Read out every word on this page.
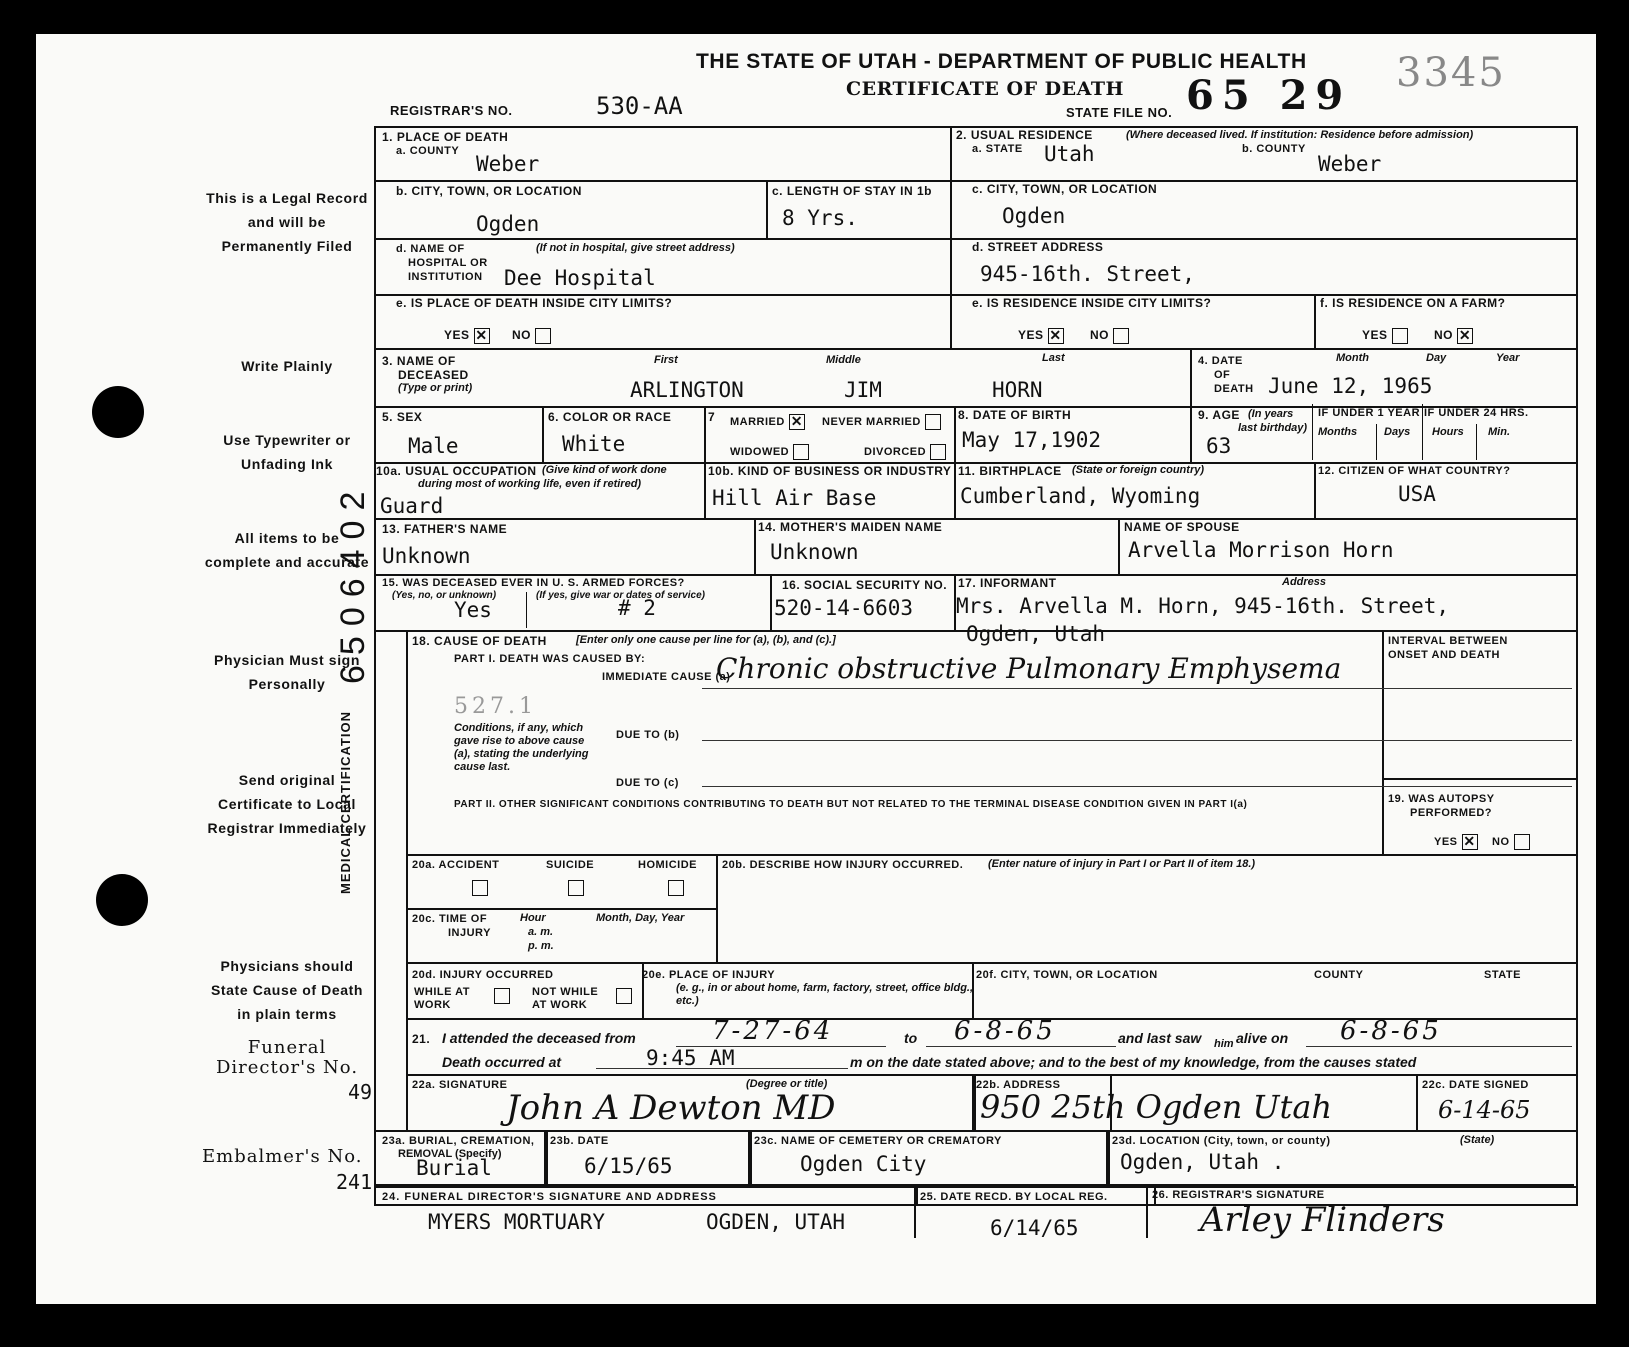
THE STATE OF UTAH - DEPARTMENT OF PUBLIC HEALTH
CERTIFICATE OF DEATH
REGISTRAR'S NO.	530-AA	STATE FILE NO. 65 29 3345
This is a Legal Record and will be Permanently Filed
Write Plainly
Use Typewriter or Unfading Ink
All items to be complete and accurate
Physician Must sign Personally
Send original Certificate to Local Registrar Immediately
Physicians should State Cause of Death in plain terms
Funeral Director's No.
49
Embalmer's No.
241
6506402
1. PLACE OF DEATH
a. COUNTY
Weber
2. USUAL RESIDENCE	(Where deceased lived. If institution: Residence before admission)
a. STATE Utah	b. COUNTY
Weber
b. CITY, TOWN, OR LOCATION
Ogden
c. LENGTH OF STAY IN 1b
8 Yrs.
c. CITY, TOWN, OR LOCATION
Ogden
d. NAME OF
HOSPITAL OR
INSTITUTION
(If not in hospital, give street address)
Dee Hospital
d. STREET ADDRESS
945-16th. Street,
e. IS PLACE OF DEATH INSIDE CITY LIMITS?
YES ✕ NO
e. IS RESIDENCE INSIDE CITY LIMITS?
YES ✕ NO
f. IS RESIDENCE ON A FARM?
YES	NO ✕
3. NAME OF
DECEASED
(Type or print)
First	Middle	Last
ARLINGTON	JIM	HORN
4. DATE
OF
DEATH
Month	Day	Year
June 12, 1965
5. SEX
Male
6. COLOR OR RACE
White
7 MARRIED ✕ NEVER MARRIED
WIDOWED	DIVORCED
8. DATE OF BIRTH
May 17,1902
9. AGE (In years
last birthday)
63
IF UNDER 1 YEAR IF UNDER 24 HRS.
Months Days Hours Min.
10a. USUAL OCCUPATION (Give kind of work done
during most of working life, even if retired)
Guard
10b. KIND OF BUSINESS OR INDUSTRY
Hill Air Base
11. BIRTHPLACE (State or foreign country)
Cumberland, Wyoming
12. CITIZEN OF WHAT COUNTRY?
USA
13. FATHER'S NAME
Unknown
14. MOTHER'S MAIDEN NAME
Unknown
NAME OF SPOUSE
Arvella Morrison Horn
15. WAS DECEASED EVER IN U. S. ARMED FORCES?
(Yes, no, or unknown)	(If yes, give war or dates of service)
Yes	# 2
16. SOCIAL SECURITY NO.
520-14-6603
17. INFORMANT	Address
Mrs. Arvella M. Horn, 945-16th. Street,
Ogden, Utah
MEDICAL CERTIFICATION
18. CAUSE OF DEATH	[Enter only one cause per line for (a), (b), and (c).]
PART I. DEATH WAS CAUSED BY:
IMMEDIATE CAUSE (a)
Chronic obstructive Pulmonary Emphysema
527.1
Conditions, if any, which gave rise to above cause (a), stating the underlying cause last.
DUE TO (b)
DUE TO (c)
PART II. OTHER SIGNIFICANT CONDITIONS CONTRIBUTING TO DEATH BUT NOT RELATED TO THE TERMINAL DISEASE CONDITION GIVEN IN PART I(a)
INTERVAL BETWEEN ONSET AND DEATH
19. WAS AUTOPSY
PERFORMED?
YES ✕ NO
20a. ACCIDENT	SUICIDE	HOMICIDE 20b. DESCRIBE HOW INJURY OCCURRED. (Enter nature of injury in Part I or Part II of item 18.)
20c. TIME OF
INJURY
Hour
a. m.
p. m.
Month, Day, Year
20d. INJURY OCCURRED
WHILE AT WORK
NOT WHILE AT WORK
20e. PLACE OF INJURY
(e. g., in or about home, farm, factory, street, office bldg., etc.)
20f. CITY, TOWN, OR LOCATION	COUNTY	STATE
21. I attended the deceased from	7-27-64	to 6-8-65	and last saw him alive on 6-8-65
Death occurred at	9:45 AM	m on the date stated above; and to the best of my knowledge, from the causes stated
22a. SIGNATURE	(Degree or title)
John A Dewton MD
22b. ADDRESS
950 25th Ogden Utah
22c. DATE SIGNED
6-14-65
23a. BURIAL, CREMATION,
REMOVAL (Specify)
Burial
23b. DATE
6/15/65
23c. NAME OF CEMETERY OR CREMATORY
Ogden City
23d. LOCATION (City, town, or county)	(State)
Ogden, Utah .
24. FUNERAL DIRECTOR'S SIGNATURE AND ADDRESS
MYERS MORTUARY	OGDEN, UTAH
25. DATE RECD. BY LOCAL REG.
6/14/65
26. REGISTRAR'S SIGNATURE
Arley Flinders
